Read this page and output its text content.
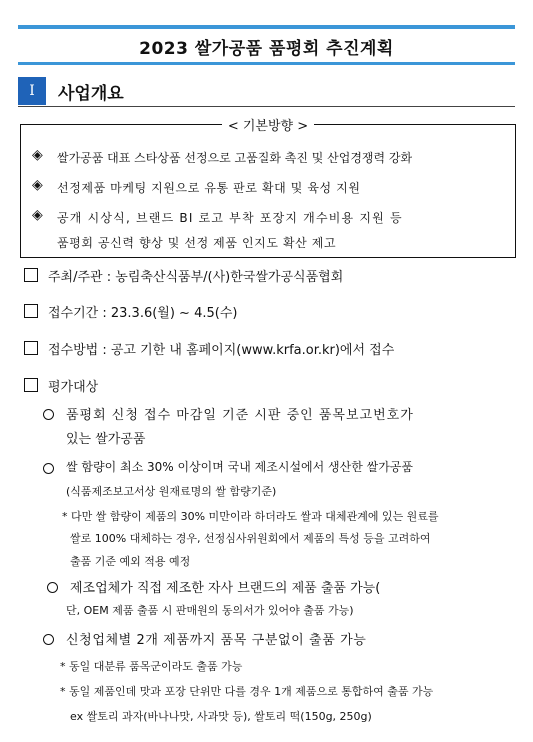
2023 쌀가공품 품평회 추진계획
Ⅰ	사업개요
< 기본방향 >
◈ 쌀가공품 대표 스타상품 선정으로 고품질화 촉진 및 산업경쟁력 강화
◈ 선정제품 마케팅 지원으로 유통 판로 확대 및 육성 지원
◈ 공개 시상식, 브랜드 BI 로고 부착 포장지 개수비용 지원 등
품평회 공신력 향상 및 선정 제품 인지도 확산 제고
주최/주관 : 농림축산식품부/(사)한국쌀가공식품협회
접수기간 : 23.3.6(월) ~ 4.5(수)
접수방법 : 공고 기한 내 홈페이지(www.krfa.or.kr)에서 접수
평가대상
품평회 신청 접수 마감일 기준 시판 중인 품목보고번호가
있는 쌀가공품
쌀 함량이 최소 30% 이상이며 국내 제조시설에서 생산한 쌀가공품
(식품제조보고서상 원재료명의 쌀 함량기준)
* 다만 쌀 함량이 제품의 30% 미만이라 하더라도 쌀과 대체관계에 있는 원료를
쌀로 100% 대체하는 경우, 선정심사위원회에서 제품의 특성 등을 고려하여
출품 기준 예외 적용 예정
제조업체가 직접 제조한 자사 브랜드의 제품 출품 가능(
단, OEM 제품 출품 시 판매원의 동의서가 있어야 출품 가능)
신청업체별 2개 제품까지 품목 구분없이 출품 가능
* 동일 대분류 품목군이라도 출품 가능
* 동일 제품인데 맛과 포장 단위만 다를 경우 1개 제품으로 통합하여 출품 가능
ex 쌀토리 과자(바나나맛, 사과맛 등), 쌀토리 떡(150g, 250g)
